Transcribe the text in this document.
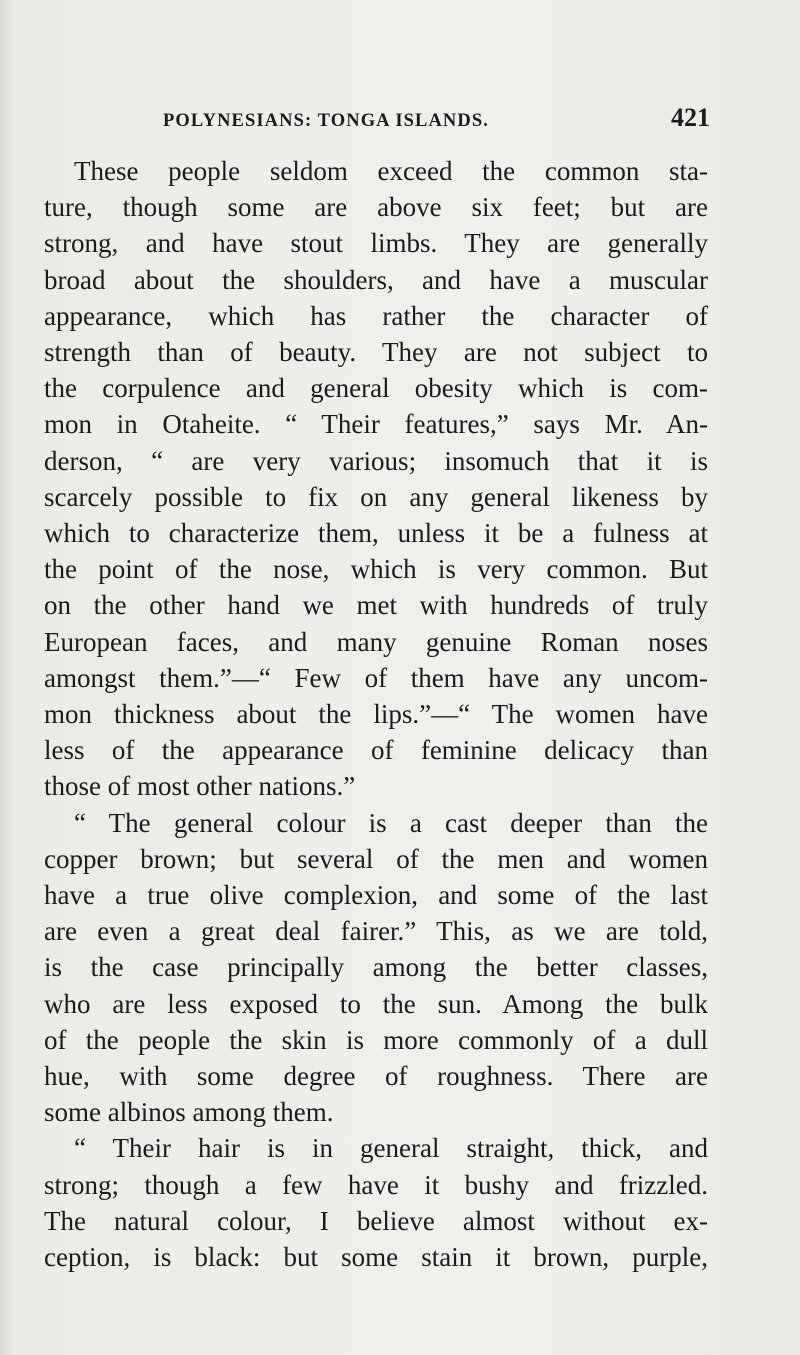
POLYNESIANS: TONGA ISLANDS.	421
These people seldom exceed the common sta-
ture, though some are above six feet; but are
strong, and have stout limbs. They are generally
broad about the shoulders, and have a muscular
appearance, which has rather the character of
strength than of beauty. They are not subject to
the corpulence and general obesity which is com-
mon in Otaheite. “ Their features,” says Mr. An-
derson, “ are very various; insomuch that it is
scarcely possible to fix on any general likeness by
which to characterize them, unless it be a fulness at
the point of the nose, which is very common. But
on the other hand we met with hundreds of truly
European faces, and many genuine Roman noses
amongst them.”—“ Few of them have any uncom-
mon thickness about the lips.”—“ The women have
less of the appearance of feminine delicacy than
those of most other nations.”
“ The general colour is a cast deeper than the
copper brown; but several of the men and women
have a true olive complexion, and some of the last
are even a great deal fairer.” This, as we are told,
is the case principally among the better classes,
who are less exposed to the sun. Among the bulk
of the people the skin is more commonly of a dull
hue, with some degree of roughness. There are
some albinos among them.
“ Their hair is in general straight, thick, and
strong; though a few have it bushy and frizzled.
The natural colour, I believe almost without ex-
ception, is black: but some stain it brown, purple,
